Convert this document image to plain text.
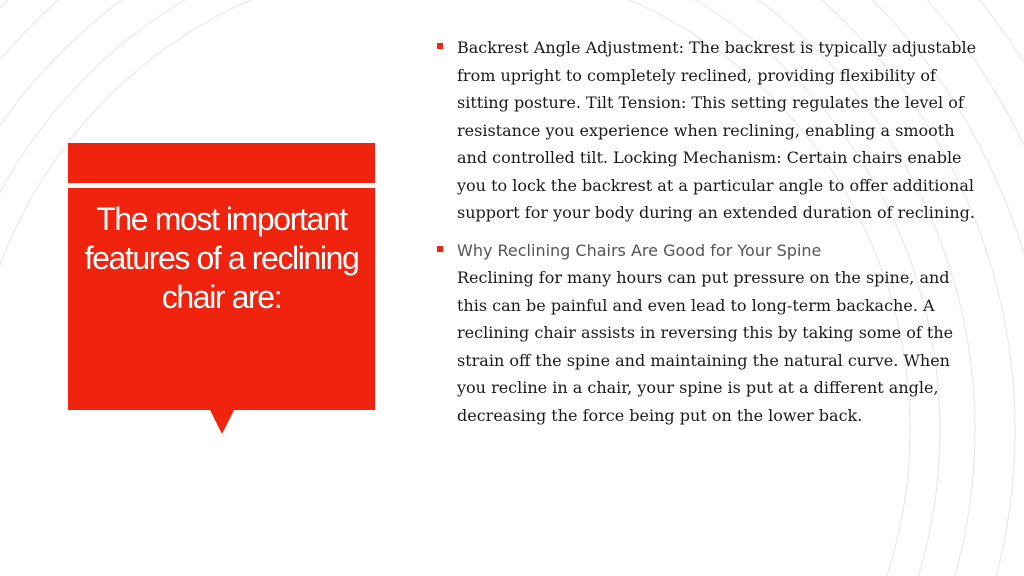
The most important features of a reclining chair are:
Backrest Angle Adjustment: The backrest is typically adjustable from upright to completely reclined, providing flexibility of sitting posture. Tilt Tension: This setting regulates the level of resistance you experience when reclining, enabling a smooth and controlled tilt. Locking Mechanism: Certain chairs enable you to lock the backrest at a particular angle to offer additional support for your body during an extended duration of reclining.
Why Reclining Chairs Are Good for Your Spine
Reclining for many hours can put pressure on the spine, and this can be painful and even lead to long-term backache. A reclining chair assists in reversing this by taking some of the strain off the spine and maintaining the natural curve. When you recline in a chair, your spine is put at a different angle, decreasing the force being put on the lower back.
